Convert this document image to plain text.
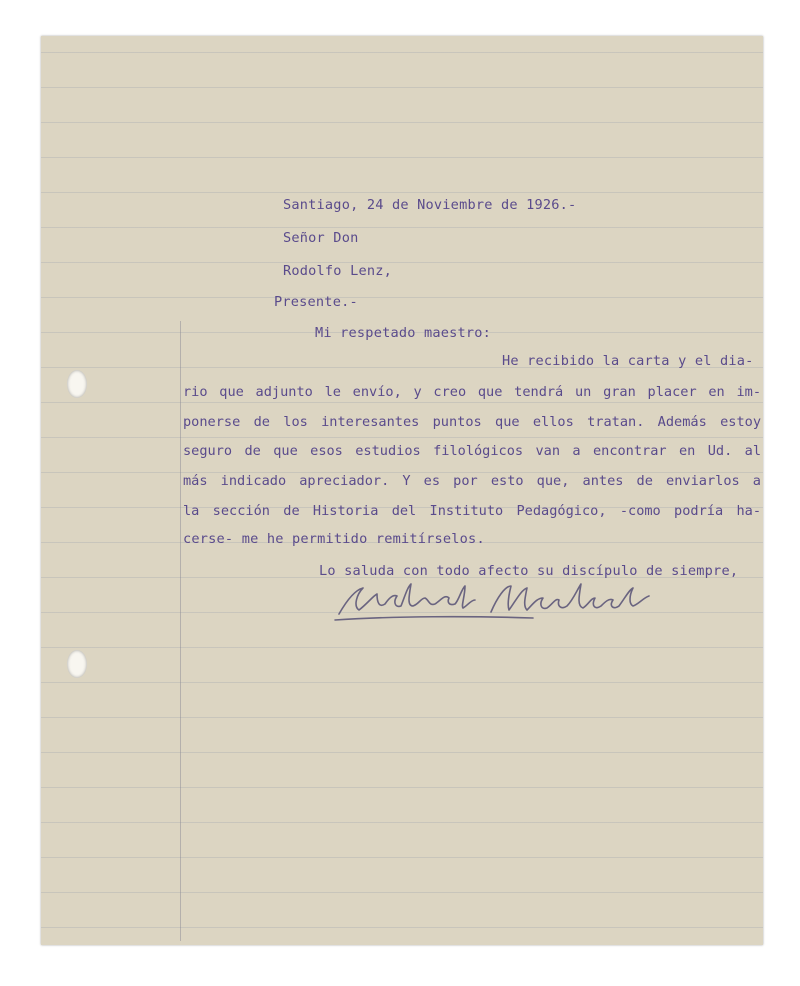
Santiago, 24 de Noviembre de 1926.-
Señor Don
Rodolfo Lenz,
Presente.-
Mi respetado maestro:
He recibido la carta y el dia-
rio que adjunto le envío, y creo que tendrá un gran placer en im-
ponerse de los interesantes puntos que ellos tratan. Además estoy
seguro de que esos estudios filológicos van a encontrar en Ud. al
más indicado apreciador. Y es por esto que, antes de enviarlos a
la sección de Historia del Instituto Pedagógico, -como podría ha-
cerse- me he permitido remitírselos.
Lo saluda con todo afecto su discípulo de siempre,
